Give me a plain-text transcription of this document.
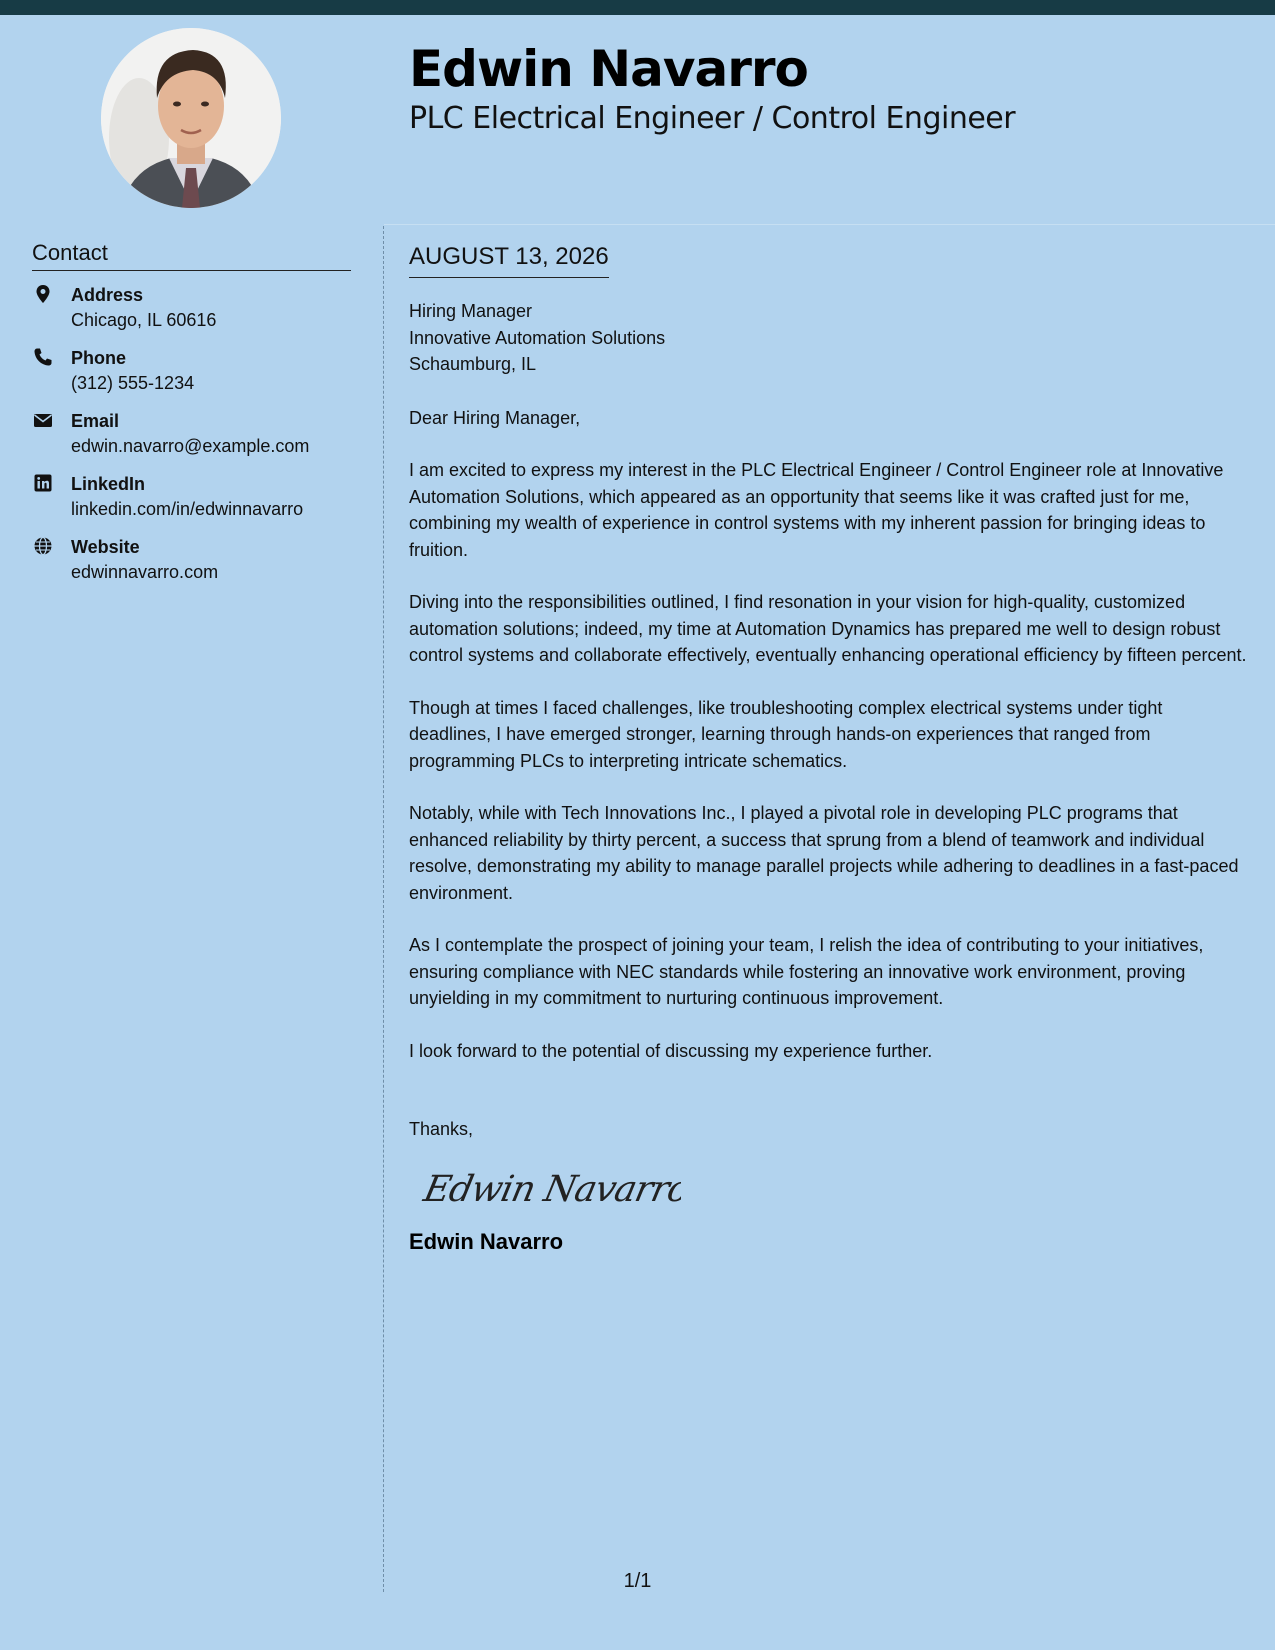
Edwin Navarro
PLC Electrical Engineer / Control Engineer
Contact
Address
Chicago, IL 60616
Phone
(312) 555-1234
Email
edwin.navarro@example.com
LinkedIn
linkedin.com/in/edwinnavarro
Website
edwinnavarro.com
AUGUST 13, 2026
Hiring Manager
Innovative Automation Solutions
Schaumburg, IL
Dear Hiring Manager,
I am excited to express my interest in the PLC Electrical Engineer / Control Engineer role at Innovative Automation Solutions, which appeared as an opportunity that seems like it was crafted just for me, combining my wealth of experience in control systems with my inherent passion for bringing ideas to fruition.
Diving into the responsibilities outlined, I find resonation in your vision for high-quality, customized automation solutions; indeed, my time at Automation Dynamics has prepared me well to design robust control systems and collaborate effectively, eventually enhancing operational efficiency by fifteen percent.
Though at times I faced challenges, like troubleshooting complex electrical systems under tight deadlines, I have emerged stronger, learning through hands-on experiences that ranged from programming PLCs to interpreting intricate schematics.
Notably, while with Tech Innovations Inc., I played a pivotal role in developing PLC programs that enhanced reliability by thirty percent, a success that sprung from a blend of teamwork and individual resolve, demonstrating my ability to manage parallel projects while adhering to deadlines in a fast-paced environment.
As I contemplate the prospect of joining your team, I relish the idea of contributing to your initiatives, ensuring compliance with NEC standards while fostering an innovative work environment, proving unyielding in my commitment to nurturing continuous improvement.
I look forward to the potential of discussing my experience further.
Thanks,
Edwin Navarro
Edwin Navarro
1/1
